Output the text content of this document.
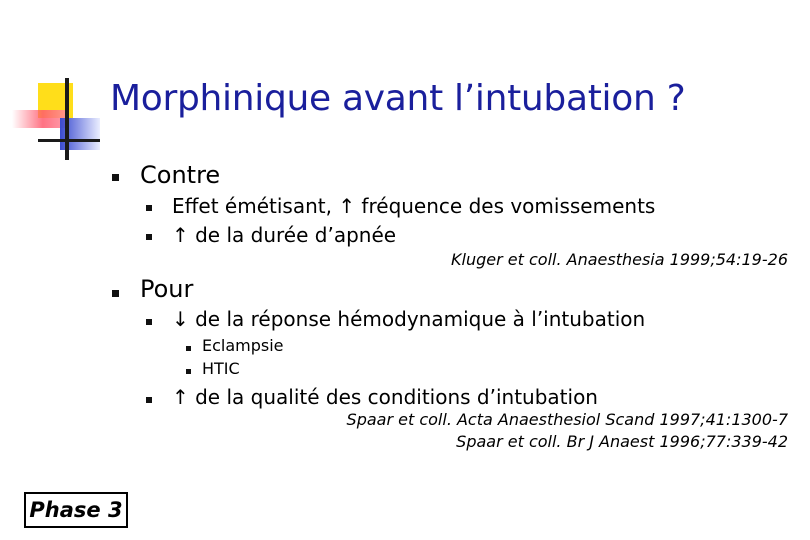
Morphinique avant l’intubation ?
Contre
Effet émétisant, ↑ fréquence des vomissements
↑ de la durée d’apnée
Kluger et coll. Anaesthesia 1999;54:19-26
Pour
↓ de la réponse hémodynamique à l’intubation
Eclampsie
HTIC
↑ de la qualité des conditions d’intubation
Spaar et coll. Acta Anaesthesiol Scand 1997;41:1300-7
Spaar et coll. Br J Anaest 1996;77:339-42
Phase 3
